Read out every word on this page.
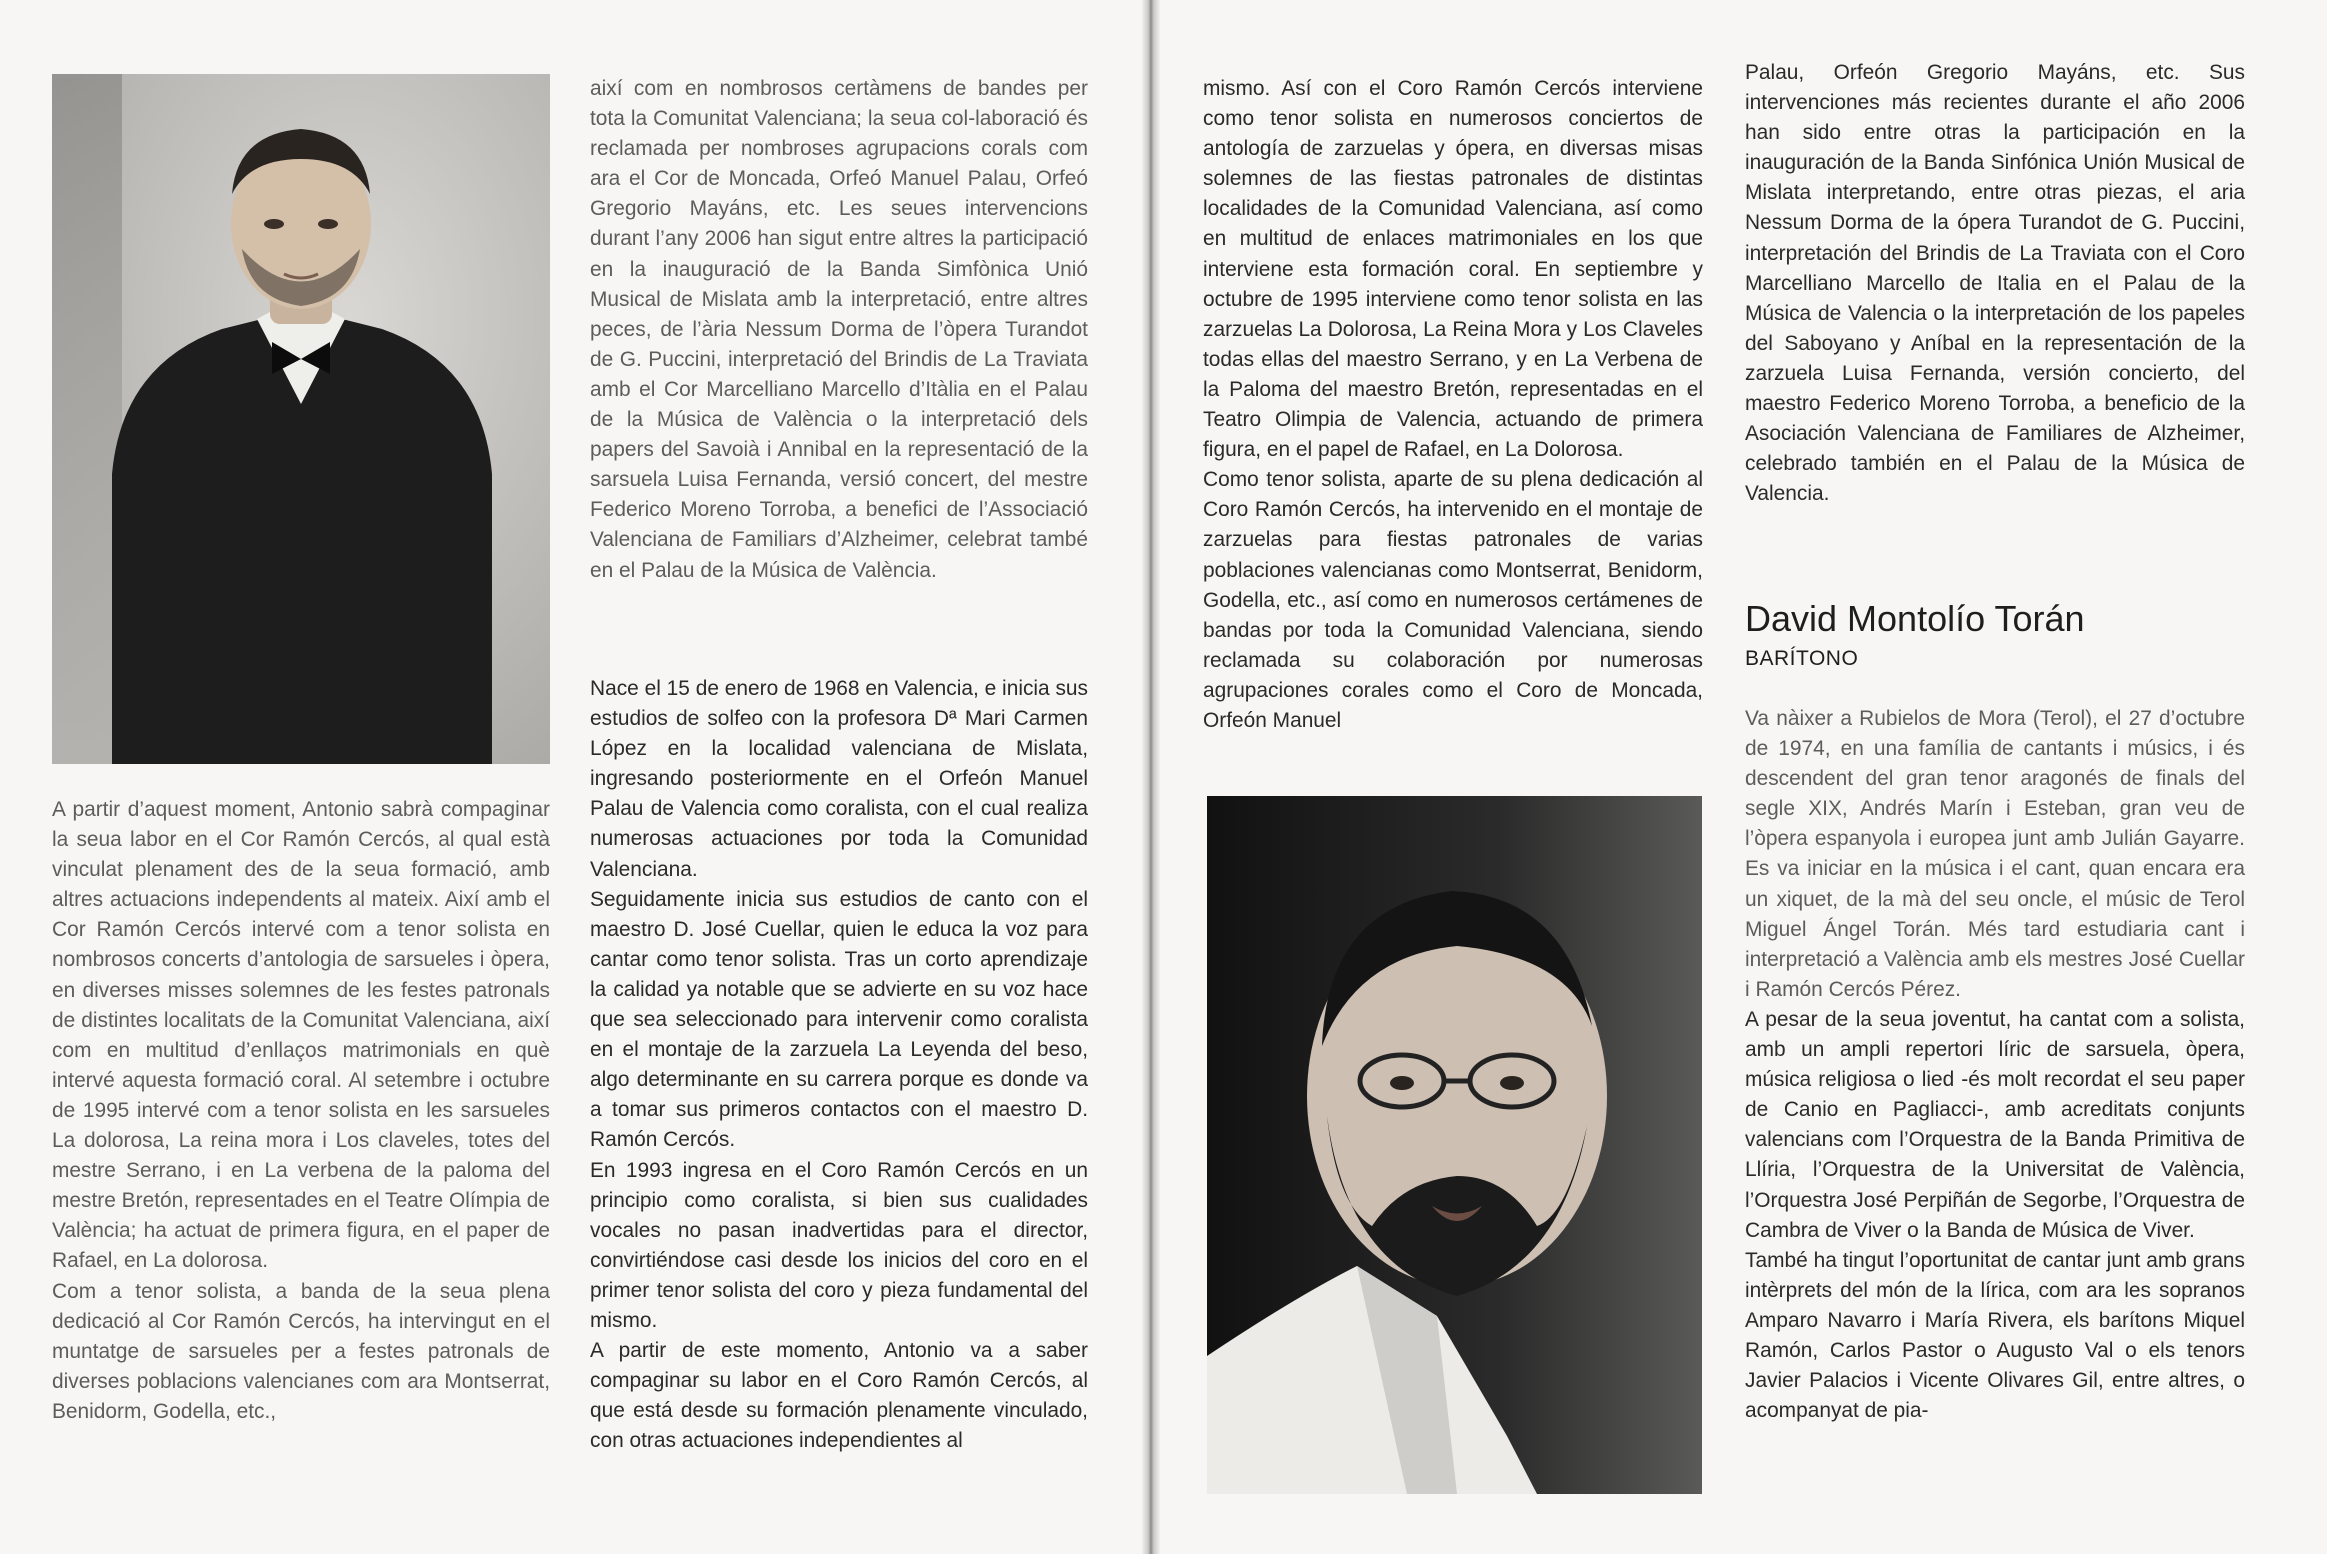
A partir d’aquest moment, Antonio sabrà compaginar la seua labor en el Cor Ramón Cercós, al qual està vinculat plenament des de la seua formació, amb altres actuacions independents al mateix. Així amb el Cor Ramón Cercós intervé com a tenor solista en nombrosos concerts d’antologia de sarsueles i òpera, en diverses misses solemnes de les festes patronals de distintes localitats de la Comunitat Valenciana, així com en multitud d’enllaços matrimonials en què intervé aquesta formació coral. Al setembre i octubre de 1995 intervé com a tenor solista en les sarsueles La dolorosa, La reina mora i Los claveles, totes del mestre Serrano, i en La verbena de la paloma del mestre Bretón, representades en el Teatre Olímpia de València; ha actuat de primera figura, en el paper de Rafael, en La dolorosa.

Com a tenor solista, a banda de la seua plena dedicació al Cor Ramón Cercós, ha intervingut en el muntatge de sarsueles per a festes patronals de diverses poblacions valencianes com ara Montserrat, Benidorm, Godella, etc.,

així com en nombrosos certàmens de bandes per tota la Comunitat Valenciana; la seua col-laboració és reclamada per nombroses agrupacions corals com ara el Cor de Moncada, Orfeó Manuel Palau, Orfeó Gregorio Mayáns, etc. Les seues intervencions durant l’any 2006 han sigut entre altres la participació en la inauguració de la Banda Simfònica Unió Musical de Mislata amb la interpretació, entre altres peces, de l’ària Nessum Dorma de l’òpera Turandot de G. Puccini, interpretació del Brindis de La Traviata amb el Cor Marcelliano Marcello d’Itàlia en el Palau de la Música de València o la interpretació dels papers del Savoià i Annibal en la representació de la sarsuela Luisa Fernanda, versió concert, del mestre Federico Moreno Torroba, a benefici de l’Associació Valenciana de Familiars d’Alzheimer, celebrat també en el Palau de la Música de València.

Nace el 15 de enero de 1968 en Valencia, e inicia sus estudios de solfeo con la profesora Dª Mari Carmen López en la localidad valenciana de Mislata, ingresando posteriormente en el Orfeón Manuel Palau de Valencia como coralista, con el cual realiza numerosas actuaciones por toda la Comunidad Valenciana.

Seguidamente inicia sus estudios de canto con el maestro D. José Cuellar, quien le educa la voz para cantar como tenor solista. Tras un corto aprendizaje la calidad ya notable que se advierte en su voz hace que sea seleccionado para intervenir como coralista en el montaje de la zarzuela La Leyenda del beso, algo determinante en su carrera porque es donde va a tomar sus primeros contactos con el maestro D. Ramón Cercós.

En 1993 ingresa en el Coro Ramón Cercós en un principio como coralista, si bien sus cualidades vocales no pasan inadvertidas para el director, convirtiéndose casi desde los inicios del coro en el primer tenor solista del coro y pieza fundamental del mismo.

A partir de este momento, Antonio va a saber compaginar su labor en el Coro Ramón Cercós, al que está desde su formación plenamente vinculado, con otras actuaciones independientes al

mismo. Así con el Coro Ramón Cercós interviene como tenor solista en numerosos conciertos de antología de zarzuelas y ópera, en diversas misas solemnes de las fiestas patronales de distintas localidades de la Comunidad Valenciana, así como en multitud de enlaces matrimoniales en los que interviene esta formación coral. En septiembre y octubre de 1995 interviene como tenor solista en las zarzuelas La Dolorosa, La Reina Mora y Los Claveles todas ellas del maestro Serrano, y en La Verbena de la Paloma del maestro Bretón, representadas en el Teatro Olimpia de Valencia, actuando de primera figura, en el papel de Rafael, en La Dolorosa.

Como tenor solista, aparte de su plena dedicación al Coro Ramón Cercós, ha intervenido en el montaje de zarzuelas para fiestas patronales de varias poblaciones valencianas como Montserrat, Benidorm, Godella, etc., así como en numerosos certámenes de bandas por toda la Comunidad Valenciana, siendo reclamada su colaboración por numerosas agrupaciones corales como el Coro de Moncada, Orfeón Manuel

Palau, Orfeón Gregorio Mayáns, etc. Sus intervenciones más recientes durante el año 2006 han sido entre otras la participación en la inauguración de la Banda Sinfónica Unión Musical de Mislata interpretando, entre otras piezas, el aria Nessum Dorma de la ópera Turandot de G. Puccini, interpretación del Brindis de La Traviata con el Coro Marcelliano Marcello de Italia en el Palau de la Música de Valencia o la interpretación de los papeles del Saboyano y Aníbal en la representación de la zarzuela Luisa Fernanda, versión concierto, del maestro Federico Moreno Torroba, a beneficio de la Asociación Valenciana de Familiares de Alzheimer, celebrado también en el Palau de la Música de Valencia.

David Montolío Torán
BARÍTONO

Va nàixer a Rubielos de Mora (Terol), el 27 d’octubre de 1974, en una família de cantants i músics, i és descendent del gran tenor aragonés de finals del segle XIX, Andrés Marín i Esteban, gran veu de l’òpera espanyola i europea junt amb Julián Gayarre. Es va iniciar en la música i el cant, quan encara era un xiquet, de la mà del seu oncle, el músic de Terol Miguel Ángel Torán. Més tard estudiaria cant i interpretació a València amb els mestres José Cuellar i Ramón Cercós Pérez.

A pesar de la seua joventut, ha cantat com a solista, amb un ampli repertori líric de sarsuela, òpera, música religiosa o lied -és molt recordat el seu paper de Canio en Pagliacci-, amb acreditats conjunts valencians com l’Orquestra de la Banda Primitiva de Llíria, l’Orquestra de la Universitat de València, l’Orquestra José Perpiñán de Segorbe, l’Orquestra de Cambra de Viver o la Banda de Música de Viver.

També ha tingut l’oportunitat de cantar junt amb grans intèrprets del món de la lírica, com ara les sopranos Amparo Navarro i María Rivera, els barítons Miquel Ramón, Carlos Pastor o Augusto Val o els tenors Javier Palacios i Vicente Olivares Gil, entre altres, o acompanyat de pia-
